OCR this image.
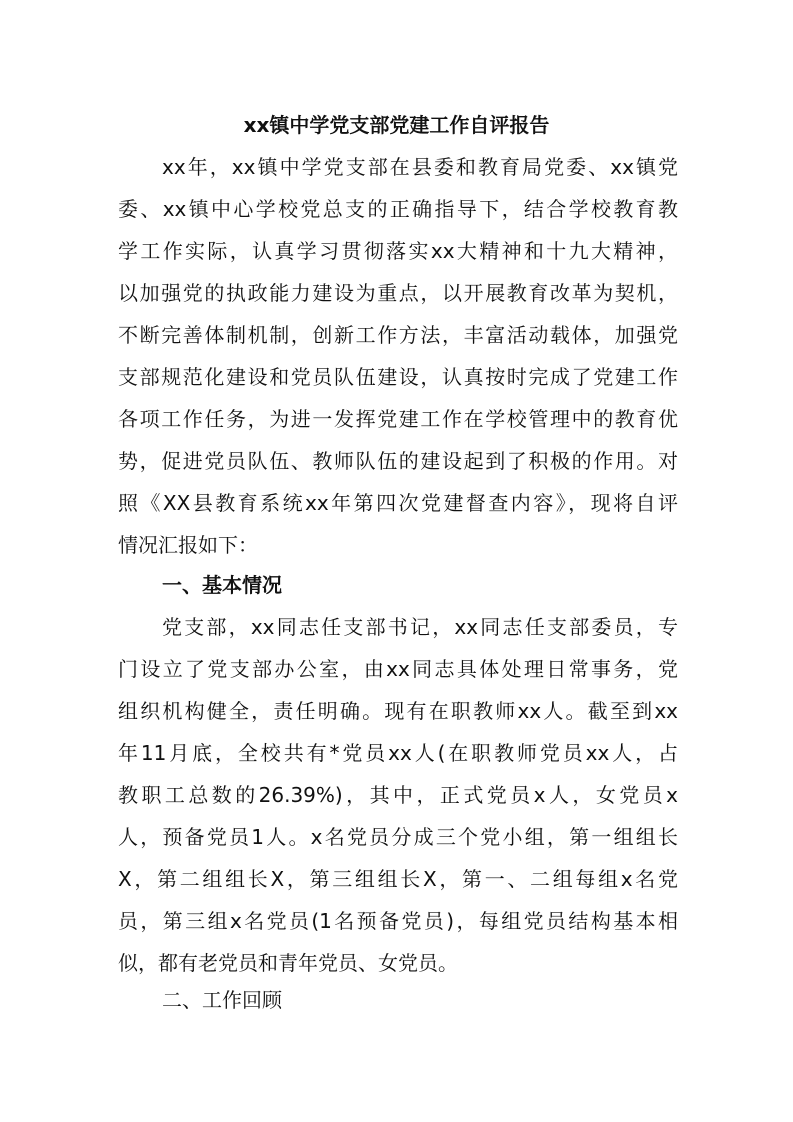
xx镇中学党支部党建工作自评报告
xx年，xx镇中学党支部在县委和教育局党委、xx镇党
委、xx镇中心学校党总支的正确指导下，结合学校教育教
学工作实际，认真学习贯彻落实xx大精神和十九大精神，
以加强党的执政能力建设为重点，以开展教育改革为契机，
不断完善体制机制，创新工作方法，丰富活动载体，加强党
支部规范化建设和党员队伍建设，认真按时完成了党建工作
各项工作任务，为进一发挥党建工作在学校管理中的教育优
势，促进党员队伍、教师队伍的建设起到了积极的作用。对
照《XX县教育系统xx年第四次党建督查内容》，现将自评
情况汇报如下：
一、基本情况
党支部，xx同志任支部书记，xx同志任支部委员，专
门设立了党支部办公室，由xx同志具体处理日常事务，党
组织机构健全，责任明确。现有在职教师xx人。截至到xx
年11月底，全校共有*党员xx人(在职教师党员xx人，占
教职工总数的26.39%)，其中，正式党员x人，女党员x
人，预备党员1人。x名党员分成三个党小组，第一组组长
X，第二组组长X，第三组组长X，第一、二组每组x名党
员，第三组x名党员(1名预备党员)，每组党员结构基本相
似，都有老党员和青年党员、女党员。
二、工作回顾
